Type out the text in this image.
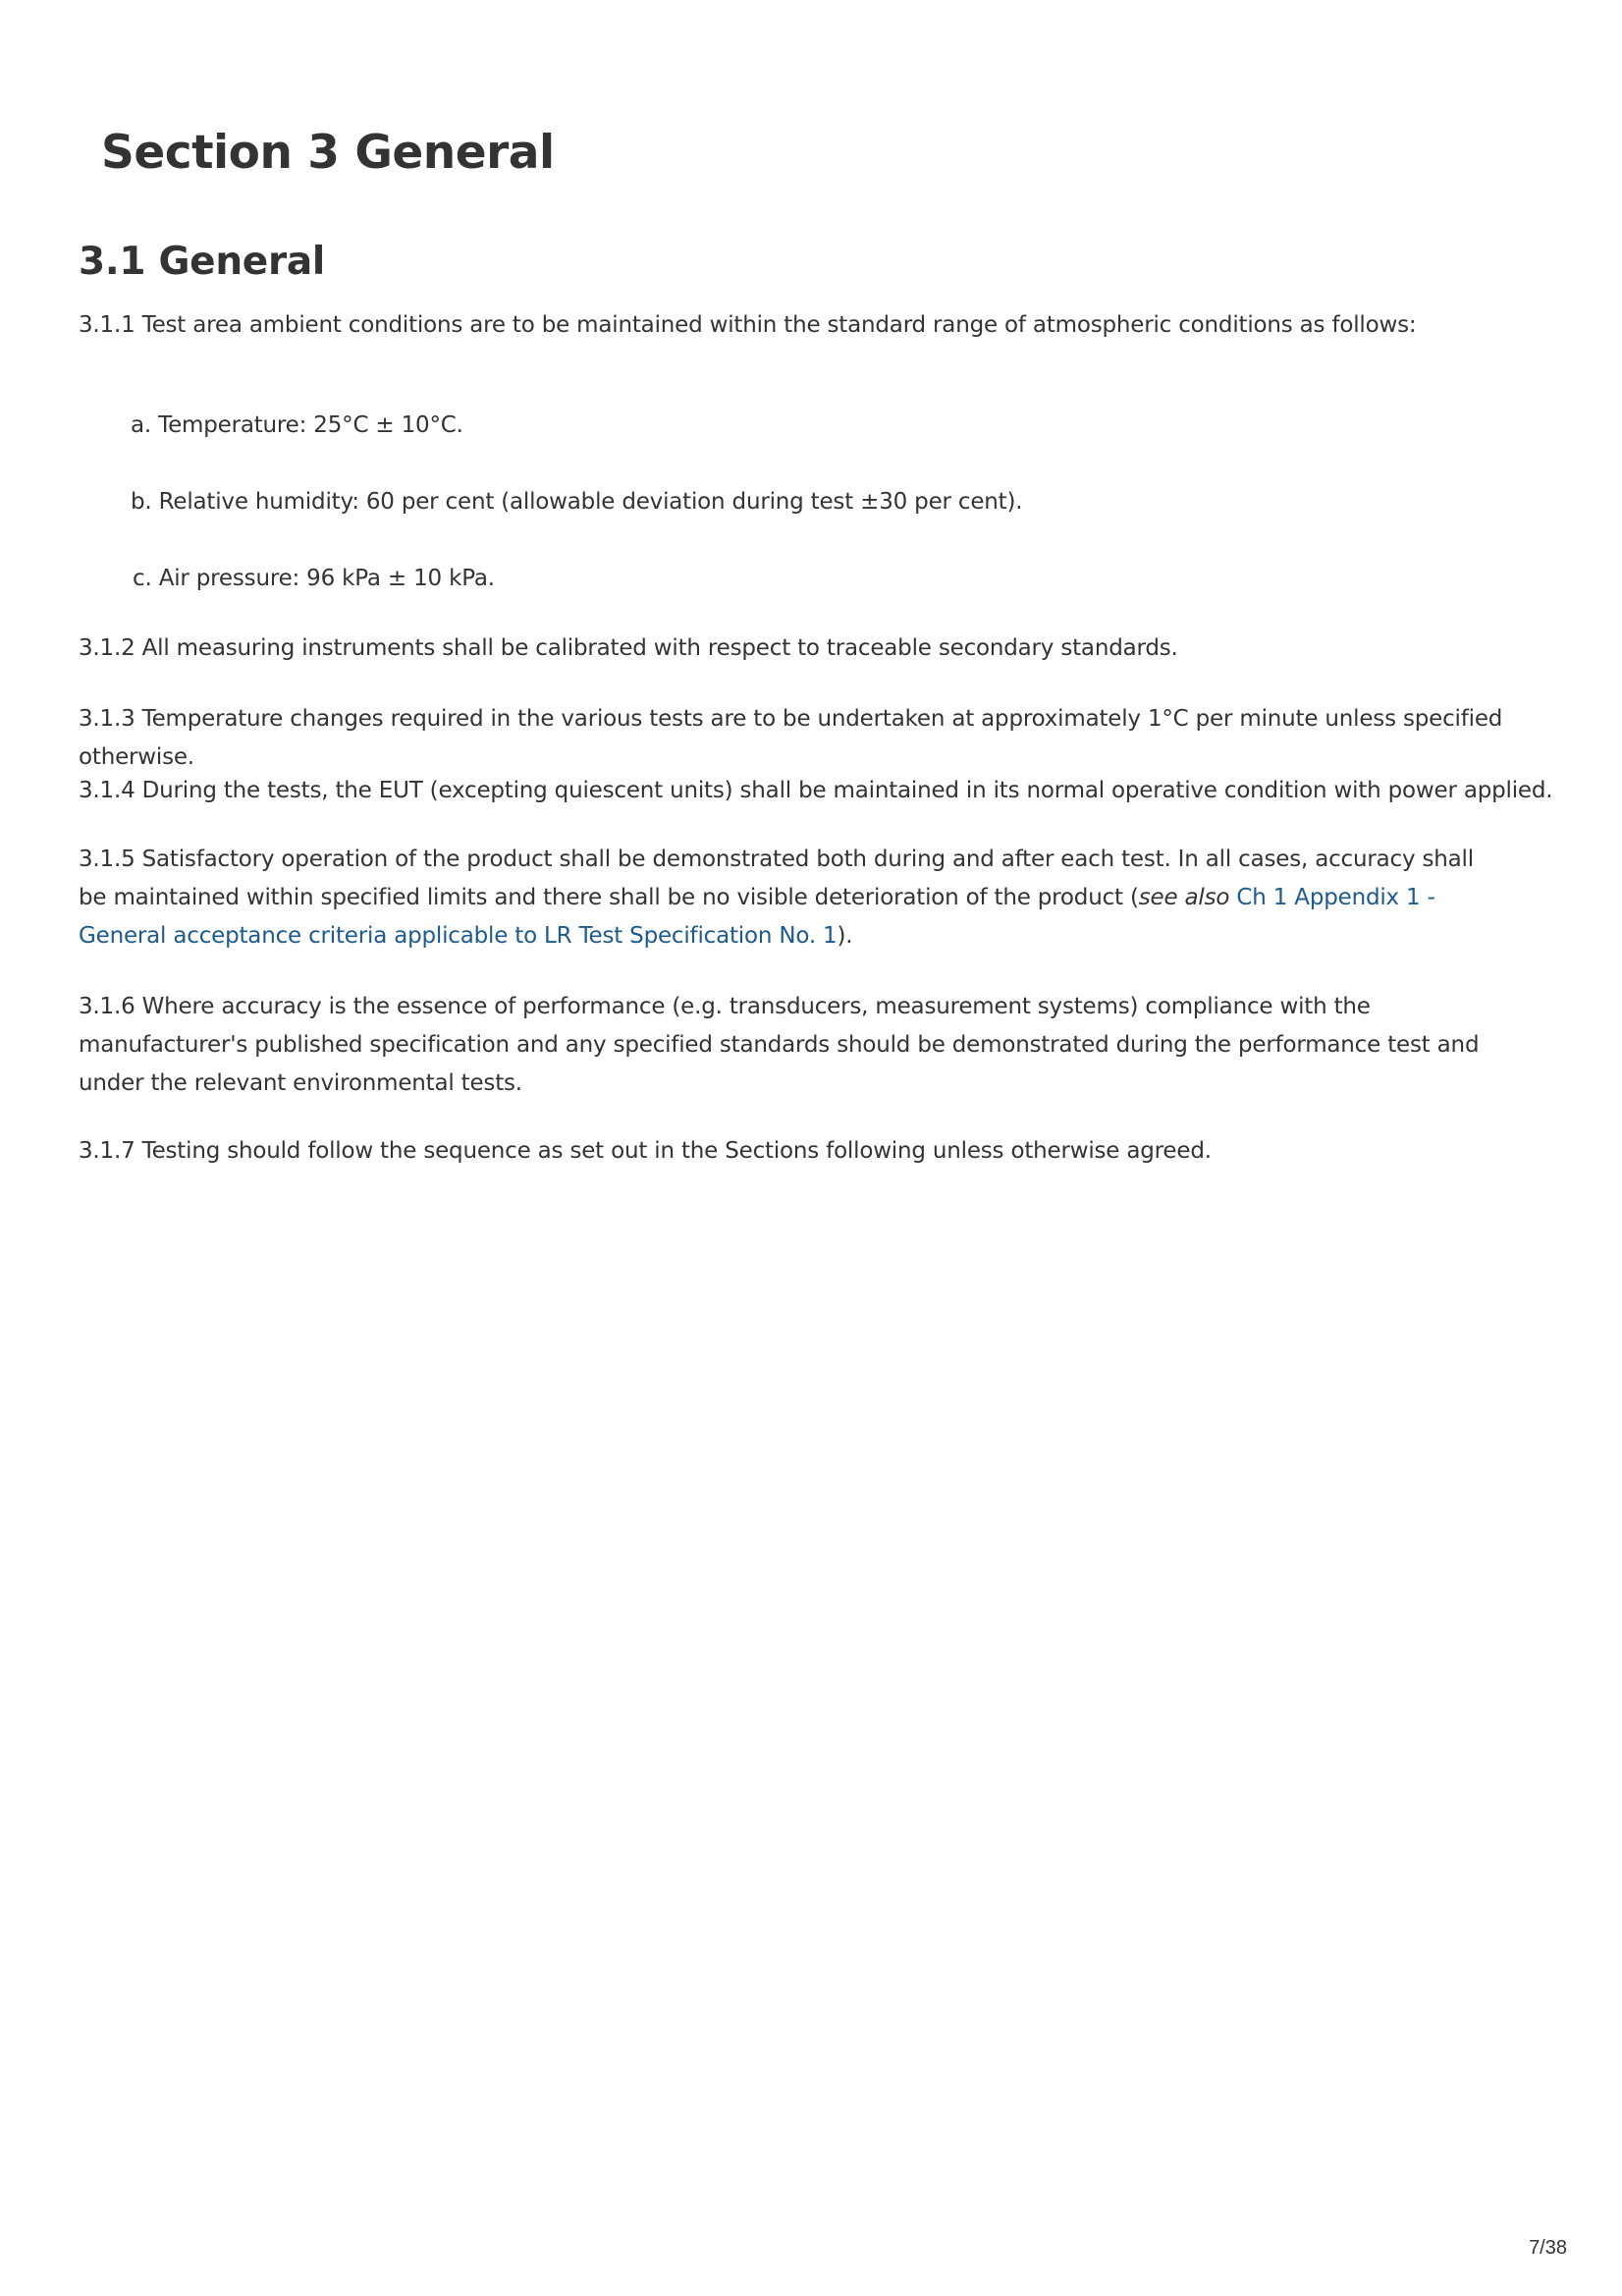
Section 3 General
3.1 General

3.1.1 Test area ambient conditions are to be maintained within the standard range of atmospheric conditions as follows:

a. Temperature: 25°C ± 10°C.

b. Relative humidity: 60 per cent (allowable deviation during test ±30 per cent).

c. Air pressure: 96 kPa ± 10 kPa.

3.1.2 All measuring instruments shall be calibrated with respect to traceable secondary standards.

3.1.3 Temperature changes required in the various tests are to be undertaken at approximately 1°C per minute unless specified otherwise.

3.1.4 During the tests, the EUT (excepting quiescent units) shall be maintained in its normal operative condition with power applied.

3.1.5 Satisfactory operation of the product shall be demonstrated both during and after each test. In all cases, accuracy shall be maintained within specified limits and there shall be no visible deterioration of the product (see also Ch 1 Appendix 1 - General acceptance criteria applicable to LR Test Specification No. 1).

3.1.6 Where accuracy is the essence of performance (e.g. transducers, measurement systems) compliance with the manufacturer's published specification and any specified standards should be demonstrated during the performance test and under the relevant environmental tests.

3.1.7 Testing should follow the sequence as set out in the Sections following unless otherwise agreed.

7/38
